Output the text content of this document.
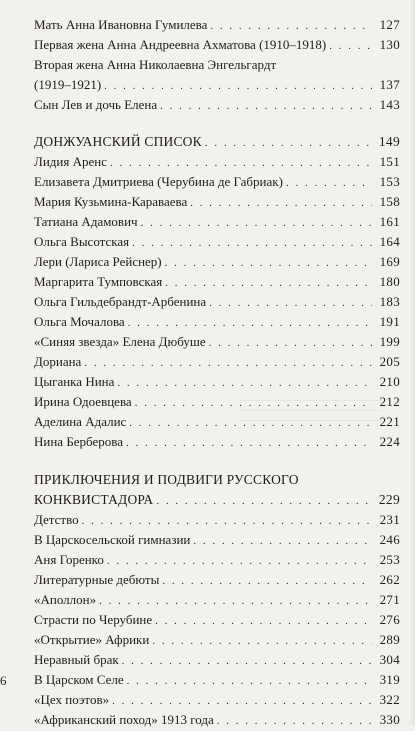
Мать Анна Ивановна Гумилева . . .	127
Первая жена Анна Андреевна Ахматова (1910–1918) . . .	130
Вторая жена Анна Николаевна Энгельгардт
(1919–1921) . . .	137
Сын Лев и дочь Елена . . .	143
ДОНЖУАНСКИЙ СПИСОК . . .	149
Лидия Аренс . . .	151
Елизавета Дмитриева (Черубина де Габриак) . . .	153
Мария Кузьмина-Караваева . . .	158
Татиана Адамович . . .	161
Ольга Высотская . . .	164
Лери (Лариса Рейснер) . . .	169
Маргарита Тумповская . . .	180
Ольга Гильдебрандт-Арбенина . . .	183
Ольга Мочалова . . .	191
«Синяя звезда» Елена Дюбуше . . .	199
Дориана . . .	205
Цыганка Нина . . .	210
Ирина Одоевцева . . .	212
Аделина Адалис . . .	221
Нина Берберова . . .	224
ПРИКЛЮЧЕНИЯ И ПОДВИГИ РУССКОГО
КОНКВИСТАДОРА . . .	229
Детство . . .	231
В Царскосельской гимназии . . .	246
Аня Горенко . . .	253
Литературные дебюты . . .	262
«Аполлон» . . .	271
Страсти по Черубине . . .	276
«Открытие» Африки . . .	289
Неравный брак . . .	304
В Царском Селе . . .	319
«Цех поэтов» . . .	322
«Африканский поход» 1913 года . . .	330
6
